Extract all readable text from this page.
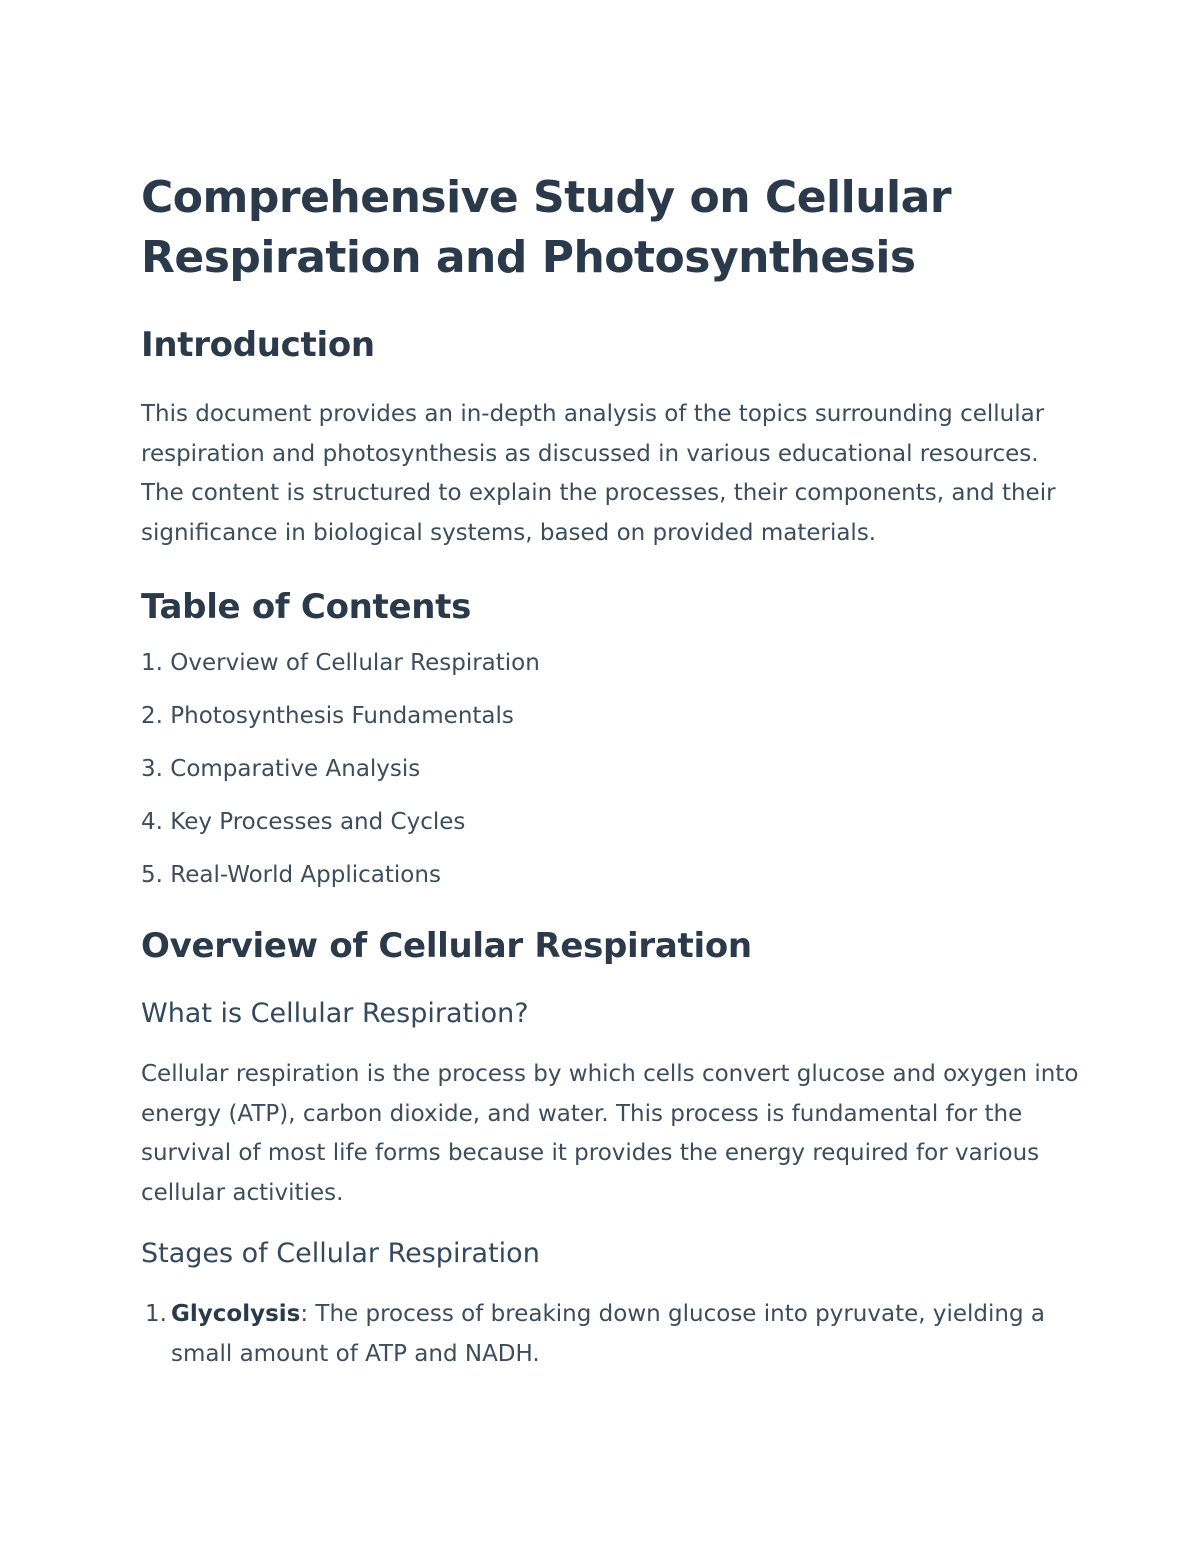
Comprehensive Study on Cellular Respiration and Photosynthesis
Introduction

This document provides an in-depth analysis of the topics surrounding cellular respiration and photosynthesis as discussed in various educational resources. The content is structured to explain the processes, their components, and their significance in biological systems, based on provided materials.

Table of Contents
1. Overview of Cellular Respiration
2. Photosynthesis Fundamentals
3. Comparative Analysis
4. Key Processes and Cycles
5. Real-World Applications
Overview of Cellular Respiration
What is Cellular Respiration?

Cellular respiration is the process by which cells convert glucose and oxygen into energy (ATP), carbon dioxide, and water. This process is fundamental for the survival of most life forms because it provides the energy required for various cellular activities.

Stages of Cellular Respiration
1. Glycolysis: The process of breaking down glucose into pyruvate, yielding a small amount of ATP and NADH.
